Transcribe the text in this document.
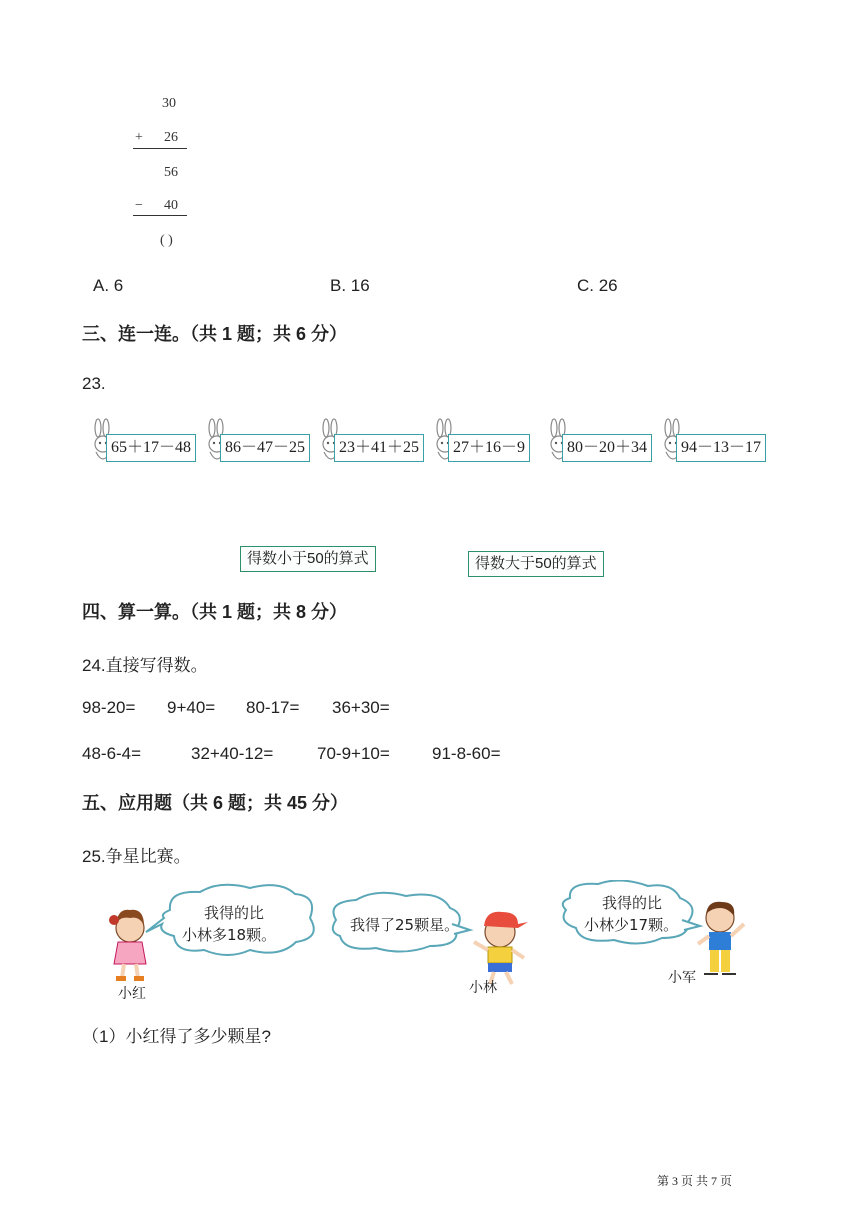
30
+ 26
56
− 40
( )
A. 6	B. 16	C. 26
三、连一连。（共 1 题；共 6 分）
23.
65＋17－48	86－47－25	23＋41＋25	27＋16－9	80－20＋34	94－13－17
得数小于50的算式	得数大于50的算式
四、算一算。（共 1 题；共 8 分）
24.直接写得数。
98-20= 9+40= 80-17= 36+30=
48-6-4=	32+40-12=	70-9+10= 91-8-60=
五、应用题（共 6 题；共 45 分）
25.争星比赛。
我得的比
小林多18颗。
我得了25颗星。
我得的比
小林少17颗。
小红	小林
小军
（1）小红得了多少颗星?
第 3 页 共 7 页
